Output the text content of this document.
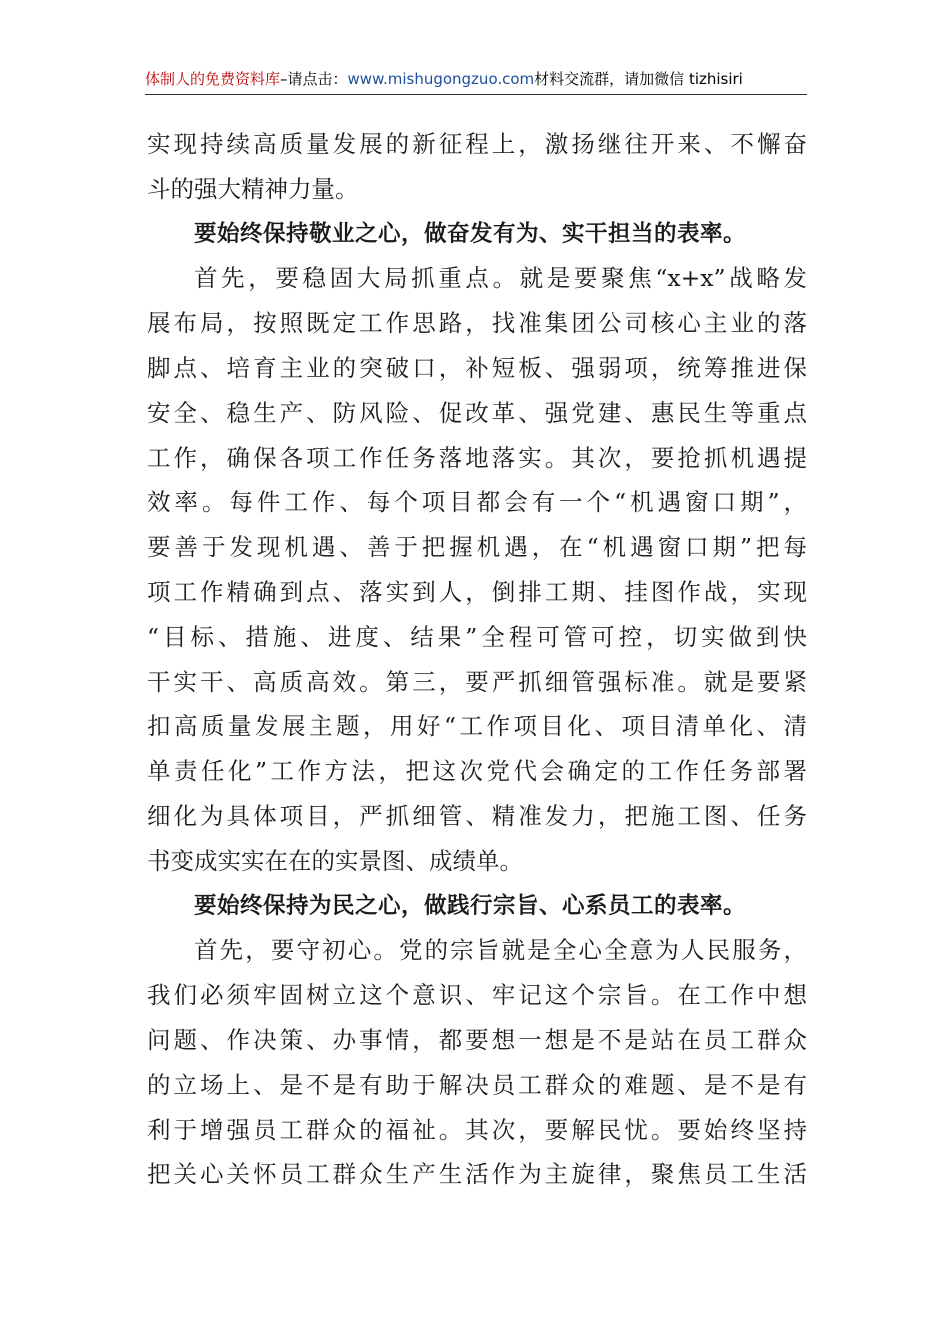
体制人的免费资料库–请点击：www.mishugongzuo.com材料交流群，请加微信 tizhisiri
实现持续高质量发展的新征程上，激扬继往开来、不懈奋
斗的强大精神力量。
要始终保持敬业之心，做奋发有为、实干担当的表率。
首先，要稳固大局抓重点。就是要聚焦“x+x”战略发
展布局，按照既定工作思路，找准集团公司核心主业的落
脚点、培育主业的突破口，补短板、强弱项，统筹推进保
安全、稳生产、防风险、促改革、强党建、惠民生等重点
工作，确保各项工作任务落地落实。其次，要抢抓机遇提
效率。每件工作、每个项目都会有一个“机遇窗口期”，
要善于发现机遇、善于把握机遇，在“机遇窗口期”把每
项工作精确到点、落实到人，倒排工期、挂图作战，实现
“目标、措施、进度、结果”全程可管可控，切实做到快
干实干、高质高效。第三，要严抓细管强标准。就是要紧
扣高质量发展主题，用好“工作项目化、项目清单化、清
单责任化”工作方法，把这次党代会确定的工作任务部署
细化为具体项目，严抓细管、精准发力，把施工图、任务
书变成实实在在的实景图、成绩单。
要始终保持为民之心，做践行宗旨、心系员工的表率。
首先，要守初心。党的宗旨就是全心全意为人民服务，
我们必须牢固树立这个意识、牢记这个宗旨。在工作中想
问题、作决策、办事情，都要想一想是不是站在员工群众
的立场上、是不是有助于解决员工群众的难题、是不是有
利于增强员工群众的福祉。其次，要解民忧。要始终坚持
把关心关怀员工群众生产生活作为主旋律，聚焦员工生活
